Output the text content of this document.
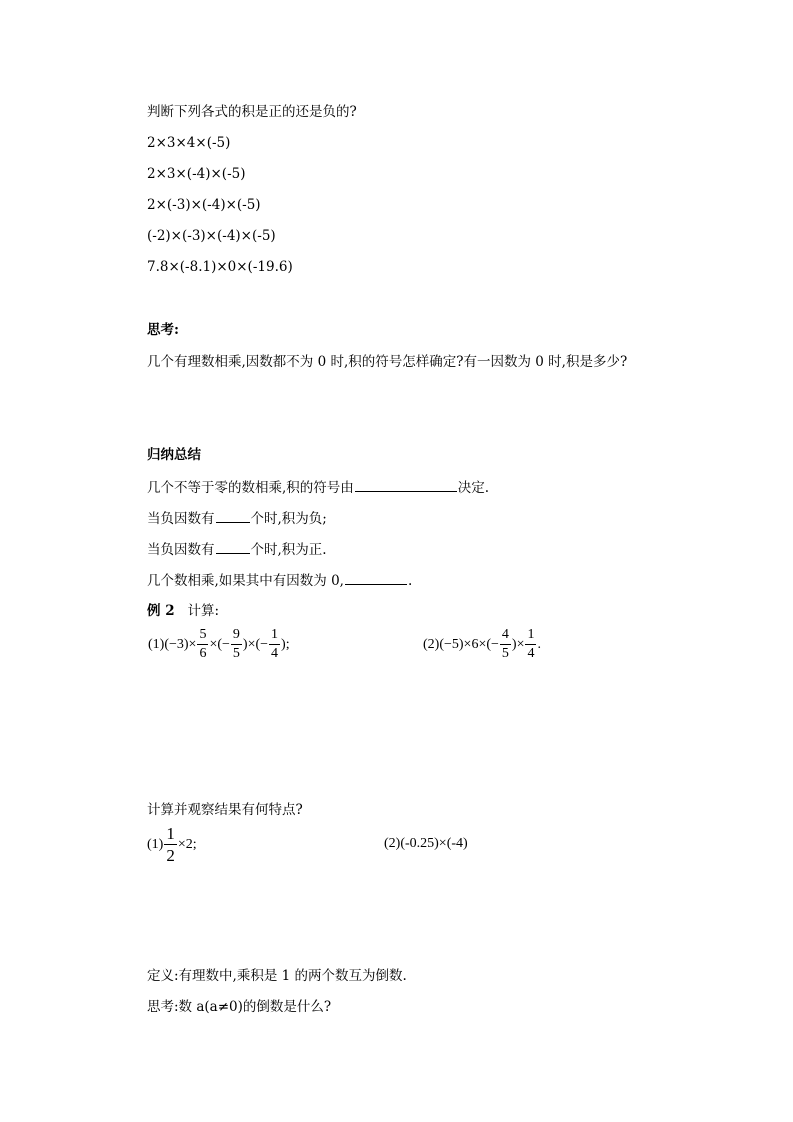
判断下列各式的积是正的还是负的?
2×3×4×(-5)
2×3×(-4)×(-5)
2×(-3)×(-4)×(-5)
(-2)×(-3)×(-4)×(-5)
7.8×(-8.1)×0×(-19.6)
思考:
几个有理数相乘,因数都不为 0 时,积的符号怎样确定?有一因数为 0 时,积是多少?
归纳总结
几个不等于零的数相乘,积的符号由	决定.
当负因数有	个时,积为负;
当负因数有	个时,积为正.
几个数相乘,如果其中有因数为 0,	.
例 2 计算:
$(1)(-3)\times \frac{5}{6}$ ×(− $\frac{9}{5}$ )×(− $\frac{1}{4}$ );	$(2)(-5)\times 6\times(- \frac{4}{5}$ )× $\frac{1}{4}$ .
计算并观察结果有何特点?
$(1) \frac{1}{2} \times 2$;	(2)(-0.25)×(-4)
定义:有理数中,乘积是 1 的两个数互为倒数.
思考:数 a(a≠0)的倒数是什么?
